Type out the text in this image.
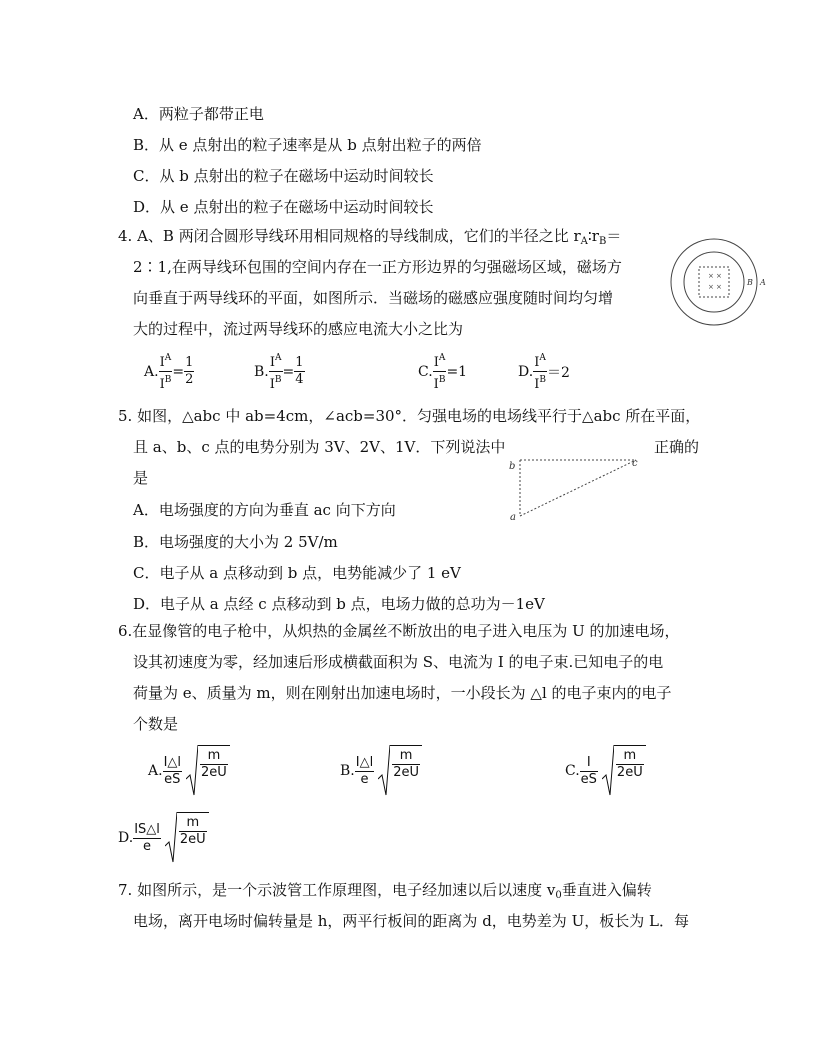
A．两粒子都带正电
B．从 e 点射出的粒子速率是从 b 点射出粒子的两倍
C．从 b 点射出的粒子在磁场中运动时间较长
D．从 e 点射出的粒子在磁场中运动时间较长
4. A、B 两闭合圆形导线环用相同规格的导线制成，它们的半径之比 $r_A∶r_B=$
2∶1,在两导线环包围的空间内存在一正方形边界的匀强磁场区域，磁场方
向垂直于两导线环的平面，如图所示．当磁场的磁感应强度随时间均匀增
大的过程中，流过两导线环的感应电流大小之比为
× ×
× ×	B A
A. $\frac{I^A}{I^B} = \frac{1}{2}$	B. $\frac{I^A}{I^B} = \frac{1}{4}$	C. $\frac{I^A}{I^B} =1$	D. $\frac{I^A}{I^B} =2$
5. 如图，△abc 中 ab=4cm，∠acb=30°．匀强电场的电场线平行于△abc 所在平面，
且 a、b、c 点的电势分别为 3V、2V、1V．下列说法中	正确的
是
b
a
c
A．电场强度的方向为垂直 ac 向下方向
B．电场强度的大小为 2 5V/m
C．电子从 a 点移动到 b 点，电势能减少了 1 eV
D．电子从 a 点经 c 点移动到 b 点，电场力做的总功为－1eV
6.在显像管的电子枪中，从炽热的金属丝不断放出的电子进入电压为 U 的加速电场，
设其初速度为零，经加速后形成横截面积为 S、电流为 I 的电子束.已知电子的电
荷量为 e、质量为 m，则在刚射出加速电场时，一小段长为 △l 的电子束内的电子
个数是
A. $\frac{I\triangle l}{eS} \frac{m}{2eU}$	B. $\frac{I\triangle l}{e} \frac{m}{2eU}$	C. $\frac{I}{eS} \frac{m}{2eU}$
D. $\frac{IS\triangle l}{e} \frac{m}{2eU}$
7. 如图所示，是一个示波管工作原理图，电子经加速以后以速度 $v_0$垂直进入偏转
电场，离开电场时偏转量是 h，两平行板间的距离为 d，电势差为 U，板长为 L．每
